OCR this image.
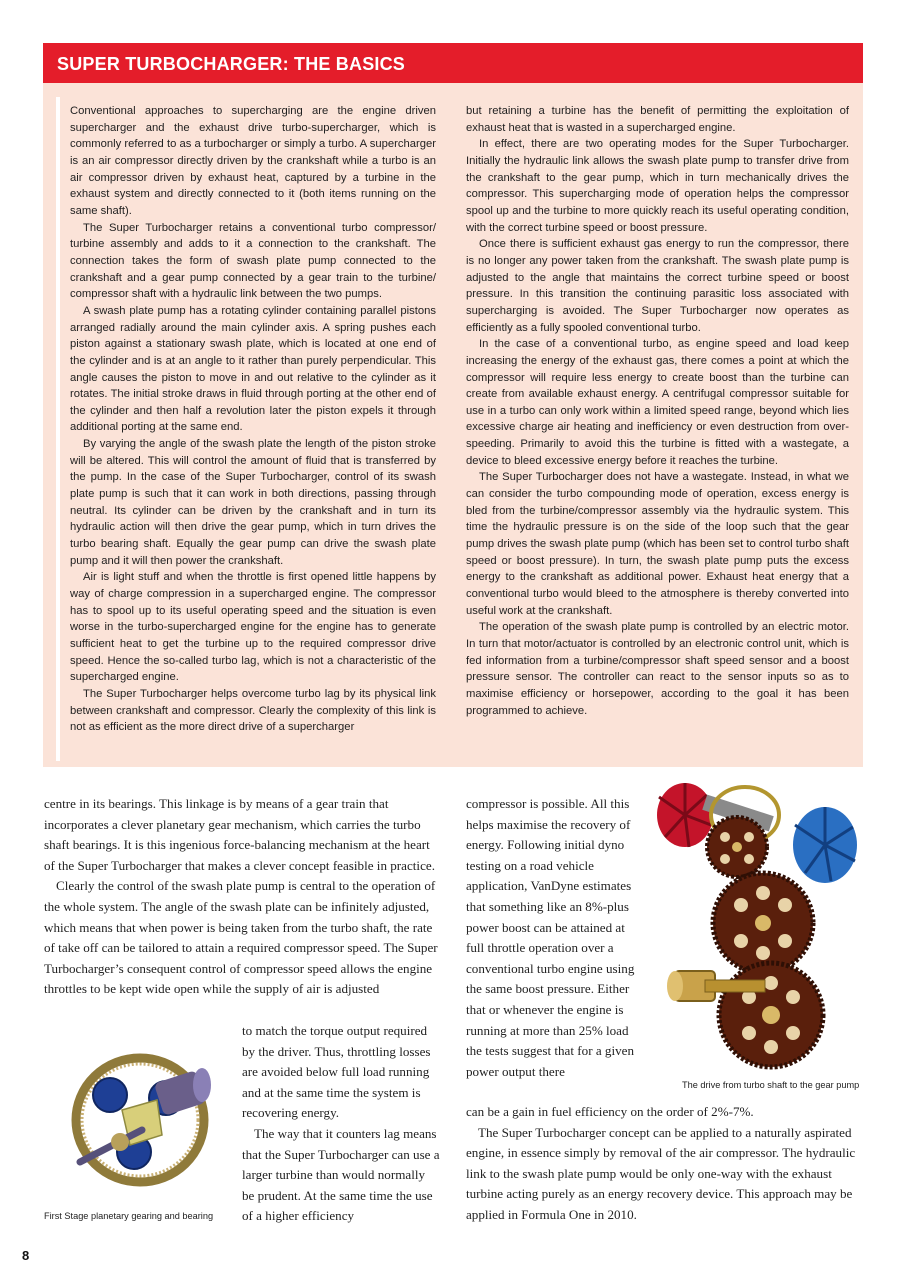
SUPER TURBOCHARGER: THE BASICS

Conventional approaches to supercharging are the engine driven supercharger and the exhaust drive turbo-supercharger, which is commonly referred to as a turbocharger or simply a turbo. A supercharger is an air compressor directly driven by the crankshaft while a turbo is an air compressor driven by exhaust heat, captured by a turbine in the exhaust system and directly connected to it (both items running on the same shaft).

The Super Turbocharger retains a conventional turbo compressor/ turbine assembly and adds to it a connection to the crankshaft. The connection takes the form of swash plate pump connected to the crankshaft and a gear pump connected by a gear train to the turbine/ compressor shaft with a hydraulic link between the two pumps.

A swash plate pump has a rotating cylinder containing parallel pistons arranged radially around the main cylinder axis. A spring pushes each piston against a stationary swash plate, which is located at one end of the cylinder and is at an angle to it rather than purely perpendicular. This angle causes the piston to move in and out relative to the cylinder as it rotates. The initial stroke draws in fluid through porting at the other end of the cylinder and then half a revolution later the piston expels it through additional porting at the same end.

By varying the angle of the swash plate the length of the piston stroke will be altered. This will control the amount of fluid that is transferred by the pump. In the case of the Super Turbocharger, control of its swash plate pump is such that it can work in both directions, passing through neutral. Its cylinder can be driven by the crankshaft and in turn its hydraulic action will then drive the gear pump, which in turn drives the turbo bearing shaft. Equally the gear pump can drive the swash plate pump and it will then power the crankshaft.

Air is light stuff and when the throttle is first opened little happens by way of charge compression in a supercharged engine. The compressor has to spool up to its useful operating speed and the situation is even worse in the turbo-supercharged engine for the engine has to generate sufficient heat to get the turbine up to the required compressor drive speed. Hence the so-called turbo lag, which is not a characteristic of the supercharged engine.

The Super Turbocharger helps overcome turbo lag by its physical link between crankshaft and compressor. Clearly the complexity of this link is not as efficient as the more direct drive of a supercharger

but retaining a turbine has the benefit of permitting the exploitation of exhaust heat that is wasted in a supercharged engine.

In effect, there are two operating modes for the Super Turbocharger. Initially the hydraulic link allows the swash plate pump to transfer drive from the crankshaft to the gear pump, which in turn mechanically drives the compressor. This supercharging mode of operation helps the compressor spool up and the turbine to more quickly reach its useful operating condition, with the correct turbine speed or boost pressure.

Once there is sufficient exhaust gas energy to run the compressor, there is no longer any power taken from the crankshaft. The swash plate pump is adjusted to the angle that maintains the correct turbine speed or boost pressure. In this transition the continuing parasitic loss associated with supercharging is avoided. The Super Turbocharger now operates as efficiently as a fully spooled conventional turbo.

In the case of a conventional turbo, as engine speed and load keep increasing the energy of the exhaust gas, there comes a point at which the compressor will require less energy to create boost than the turbine can create from available exhaust energy. A centrifugal compressor suitable for use in a turbo can only work within a limited speed range, beyond which lies excessive charge air heating and inefficiency or even destruction from over-speeding. Primarily to avoid this the turbine is fitted with a wastegate, a device to bleed excessive energy before it reaches the turbine.

The Super Turbocharger does not have a wastegate. Instead, in what we can consider the turbo compounding mode of operation, excess energy is bled from the turbine/compressor assembly via the hydraulic system. This time the hydraulic pressure is on the side of the loop such that the gear pump drives the swash plate pump (which has been set to control turbo shaft speed or boost pressure). In turn, the swash plate pump puts the excess energy to the crankshaft as additional power. Exhaust heat energy that a conventional turbo would bleed to the atmosphere is thereby converted into useful work at the crankshaft.

The operation of the swash plate pump is controlled by an electric motor. In turn that motor/actuator is controlled by an electronic control unit, which is fed information from a turbine/compressor shaft speed sensor and a boost pressure sensor. The controller can react to the sensor inputs so as to maximise efficiency or horsepower, according to the goal it has been programmed to achieve.

centre in its bearings. This linkage is by means of a gear train that incorporates a clever planetary gear mechanism, which carries the turbo shaft bearings. It is this ingenious force-balancing mechanism at the heart of the Super Turbocharger that makes a clever concept feasible in practice.

Clearly the control of the swash plate pump is central to the operation of the whole system. The angle of the swash plate can be infinitely adjusted, which means that when power is being taken from the turbo shaft, the rate of take off can be tailored to attain a required compressor speed. The Super Turbocharger’s consequent control of compressor speed allows the engine throttles to be kept wide open while the supply of air is adjusted

to match the torque output required by the driver. Thus, throttling losses are avoided below full load running and at the same time the system is recovering energy.

The way that it counters lag means that the Super Turbocharger can use a larger turbine than would normally be prudent. At the same time the use of a higher efficiency

compressor is possible. All this helps maximise the recovery of energy. Following initial dyno testing on a road vehicle application, VanDyne estimates that something like an 8%-plus power boost can be attained at full throttle operation over a conventional turbo engine using the same boost pressure. Either that or whenever the engine is running at more than 25% load the tests suggest that for a given power output there

can be a gain in fuel efficiency on the order of 2%-7%.

The Super Turbocharger concept can be applied to a naturally aspirated engine, in essence simply by removal of the air compressor. The hydraulic link to the swash plate pump would be only one-way with the exhaust turbine acting purely as an energy recovery device. This approach may be applied in Formula One in 2010.

First Stage planetary gearing and bearing
The drive from turbo shaft to the gear pump
8
